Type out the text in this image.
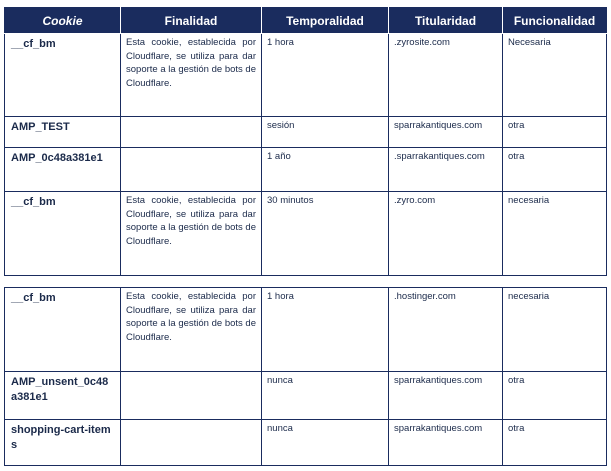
Cookie	Finalidad	Temporalidad	Titularidad	Funcionalidad
__cf_bm	Esta cookie, establecida por Cloudflare, se utiliza para dar soporte a la gestión de bots de Cloudflare.	1 hora	.zyrosite.com	Necesaria
AMP_TEST		sesión	sparrakantiques.com	otra
AMP_0c48a381e1		1 año	.sparrakantiques.com	otra
__cf_bm	Esta cookie, establecida por Cloudflare, se utiliza para dar soporte a la gestión de bots de Cloudflare.	30 minutos	.zyro.com	necesaria
__cf_bm	Esta cookie, establecida por Cloudflare, se utiliza para dar soporte a la gestión de bots de Cloudflare.	1 hora	.hostinger.com	necesaria
AMP_unsent_0c48a381e1		nunca	sparrakantiques.com	otra
shopping-cart-items		nunca	sparrakantiques.com	otra
